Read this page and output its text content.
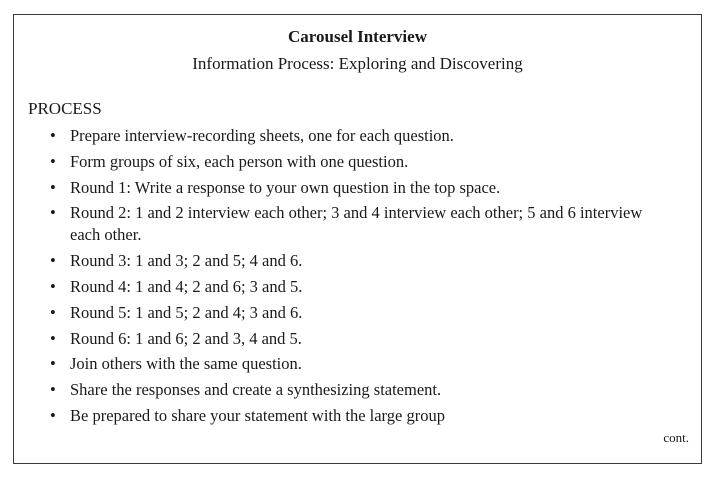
Carousel Interview
Information Process: Exploring and Discovering
PROCESS
• Prepare interview-recording sheets, one for each question.
• Form groups of six, each person with one question.
• Round 1: Write a response to your own question in the top space.
• Round 2: 1 and 2 interview each other; 3 and 4 interview each other; 5 and 6 interview each other.
• Round 3: 1 and 3; 2 and 5; 4 and 6.
• Round 4: 1 and 4; 2 and 6; 3 and 5.
• Round 5: 1 and 5; 2 and 4; 3 and 6.
• Round 6: 1 and 6; 2 and 3, 4 and 5.
• Join others with the same question.
• Share the responses and create a synthesizing statement.
• Be prepared to share your statement with the large group
cont.
